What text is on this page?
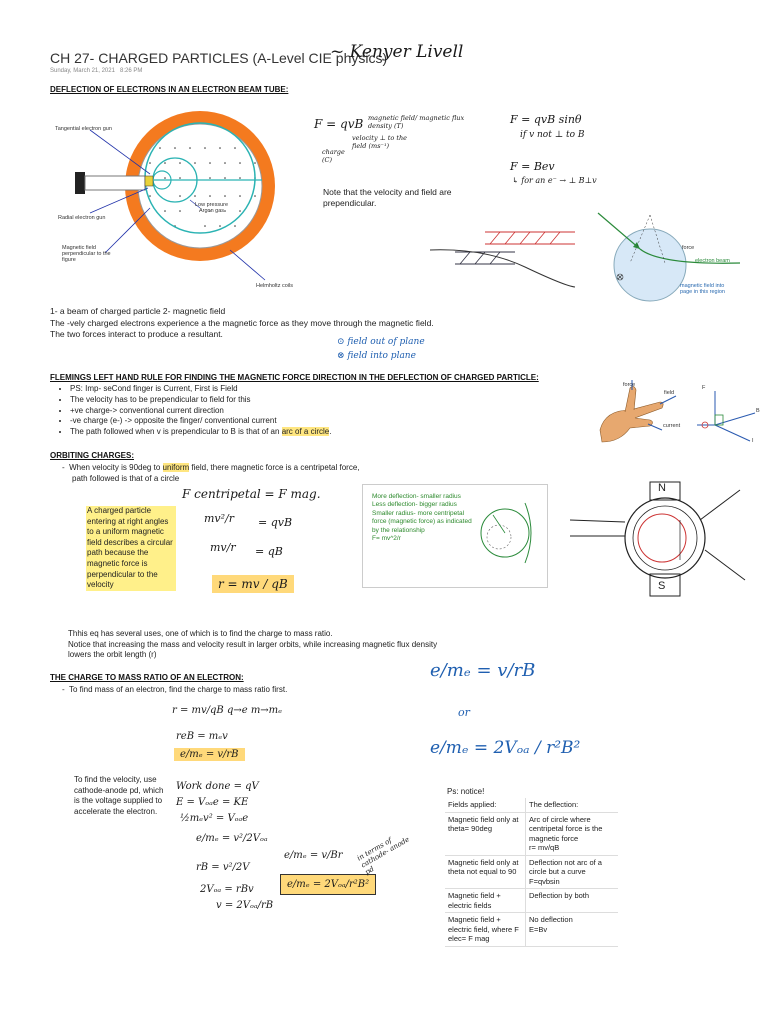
CH 27- CHARGED PARTICLES (A-Level CIE physics)
~ Kenyer Livell
Sunday, March 21, 2021 8:26 PM
DEFLECTION OF ELECTRONS IN AN ELECTRON BEAM TUBE:
Tangential electron gun
Radial electron gun
Low pressure
Argon gas
Magnetic field
perpendicular to the
figure
Helmholtz coils
F = qvB magnetic field/ magnetic flux density (T)
velocity ⊥ to the field (ms⁻¹)
charge (C)
F = qvB sinθ
if v not ⊥ to B
F = Bev
↳ for an e⁻ → ⊥ B⊥v
Note that the velocity and field are prependicular.
force
electron beam
magnetic field into
page in this region
1- a beam of charged particle 2- magnetic field
The -vely charged electrons experience a the magnetic force as they move through the magnetic field.
The two forces interact to produce a resultant.
⊙ field out of plane
⊗ field into plane
FLEMINGS LEFT HAND RULE FOR FINDING THE MAGNETIC FORCE DIRECTION IN THE DEFLECTION OF CHARGED PARTICLE:
• PS: Imp- seCond finger is Current, First is Field
• The velocity has to be prependicular to field for this
• +ve charge-> conventional current direction
• -ve charge (e-) -> opposite the finger/ conventional current
• The path followed when v is prependicular to B is that of an arc of a circle.
force
field
current
F
B
I
ORBITING CHARGES:
-  When velocity is 90deg to uniform field, there magnetic force is a centripetal force,
path followed is that of a circle
A charged particle entering at right angles to a uniform magnetic field describes a circular path because the magnetic force is perpendicular to the velocity
F centripetal = F mag.
mv²/r = qvB
mv/r = qB
r = mv / qB
More deflection- smaller radius
Less deflection- bigger radius
Smaller radius- more centripetal force (magnetic force) as indicated by the relationship
F= mv^2/r
N
S
Thhis eq has several uses, one of which is to find the charge to mass ratio.
Notice that increasing the mass and velocity result in larger orbits, while increasing magnetic flux density lowers the orbit length (r)
THE CHARGE TO MASS RATIO OF AN ELECTRON:
-  To find mass of an electron, find the charge to mass ratio first.
e/mₑ = v/rB
or
e/mₑ = 2Vₒₐ / r²B²
r = mv/qB q→e m→mₑ
reB = mₑv
e/mₑ = v/rB
To find the velocity, use cathode-anode pd, which is the voltage supplied to accelerate the electron.
Work done = qV
E = Vₒₐe = KE
½mₑv² = Vₒₐe
e/mₑ = v²/2Vₒₐ
e/mₑ = v/Br
rB = v²/2V
2Vₒₐ = rBv
v = 2Vₒₐ/rB
e/mₑ = 2Vₒₐ/r²B²
in terms of cathode- anode pd
Ps: notice!
Fields applied:	The deflection:
Magnetic field only at theta= 90deg	Arc of circle where centripetal force is the magnetic force
r= mv/qB
Magnetic field only at theta not equal to 90	Deflection not arc of a circle but a curve
F=qvbsin
Magnetic field + electric fields	Deflection by both
Magnetic field + electric field, where F elec= F mag	No deflection
E=Bv
